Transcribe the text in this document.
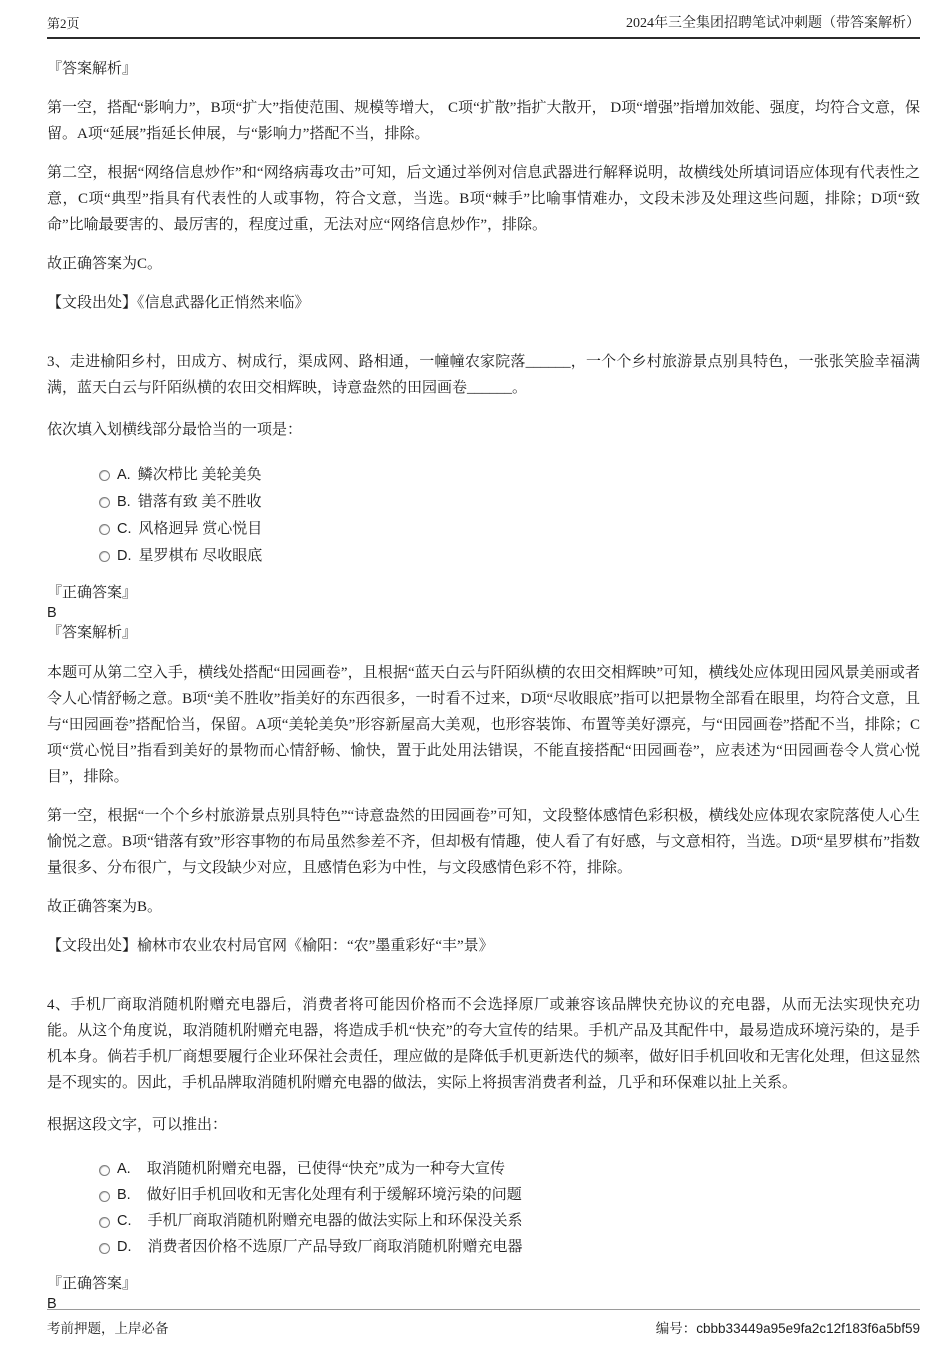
第2页	2024年三全集团招聘笔试冲刺题（带答案解析）

『答案解析』

第一空，搭配“影响力”，B项“扩大”指使范围、规模等增大， C项“扩散”指扩大散开， D项“增强”指增加效能、强度，均符合文意，保留。A项“延展”指延长伸展，与“影响力”搭配不当，排除。

第二空，根据“网络信息炒作”和“网络病毒攻击”可知，后文通过举例对信息武器进行解释说明，故横线处所填词语应体现有代表性之意，C项“典型”指具有代表性的人或事物，符合文意，当选。B项“棘手”比喻事情难办，文段未涉及处理这些问题，排除；D项“致命”比喻最要害的、最厉害的，程度过重，无法对应“网络信息炒作”，排除。

故正确答案为C。

【文段出处】《信息武器化正悄然来临》

3、走进榆阳乡村，田成方、树成行，渠成网、路相通，一幢幢农家院落______，一个个乡村旅游景点别具特色，一张张笑脸幸福满满，蓝天白云与阡陌纵横的农田交相辉映，诗意盎然的田园画卷______。

依次填入划横线部分最恰当的一项是：

A. 鳞次栉比 美轮美奂
B. 错落有致 美不胜收
C. 风格迥异 赏心悦目
D. 星罗棋布 尽收眼底

『正确答案』

B

『答案解析』

本题可从第二空入手，横线处搭配“田园画卷”，且根据“蓝天白云与阡陌纵横的农田交相辉映”可知，横线处应体现田园风景美丽或者令人心情舒畅之意。B项“美不胜收”指美好的东西很多，一时看不过来，D项“尽收眼底”指可以把景物全部看在眼里，均符合文意，且与“田园画卷”搭配恰当，保留。A项“美轮美奂”形容新屋高大美观，也形容装饰、布置等美好漂亮，与“田园画卷”搭配不当，排除；C项“赏心悦目”指看到美好的景物而心情舒畅、愉快，置于此处用法错误，不能直接搭配“田园画卷”，应表述为“田园画卷令人赏心悦目”，排除。

第一空，根据“一个个乡村旅游景点别具特色”“诗意盎然的田园画卷”可知，文段整体感情色彩积极，横线处应体现农家院落使人心生愉悦之意。B项“错落有致”形容事物的布局虽然参差不齐，但却极有情趣，使人看了有好感，与文意相符，当选。D项“星罗棋布”指数量很多、分布很广，与文段缺少对应，且感情色彩为中性，与文段感情色彩不符，排除。

故正确答案为B。

【文段出处】榆林市农业农村局官网《榆阳：“农”墨重彩好“丰”景》

4、手机厂商取消随机附赠充电器后，消费者将可能因价格而不会选择原厂或兼容该品牌快充协议的充电器，从而无法实现快充功能。从这个角度说，取消随机附赠充电器，将造成手机“快充”的夸大宣传的结果。手机产品及其配件中，最易造成环境污染的，是手机本身。倘若手机厂商想要履行企业环保社会责任，理应做的是降低手机更新迭代的频率，做好旧手机回收和无害化处理，但这显然是不现实的。因此，手机品牌取消随机附赠充电器的做法，实际上将损害消费者利益，几乎和环保难以扯上关系。

根据这段文字，可以推出：

A. 取消随机附赠充电器，已使得“快充”成为一种夸大宣传
B. 做好旧手机回收和无害化处理有利于缓解环境污染的问题
C. 手机厂商取消随机附赠充电器的做法实际上和环保没关系
D. 消费者因价格不选原厂产品导致厂商取消随机附赠充电器

『正确答案』

B

考前押题，上岸必备	编号：cbbb33449a95e9fa2c12f183f6a5bf59
